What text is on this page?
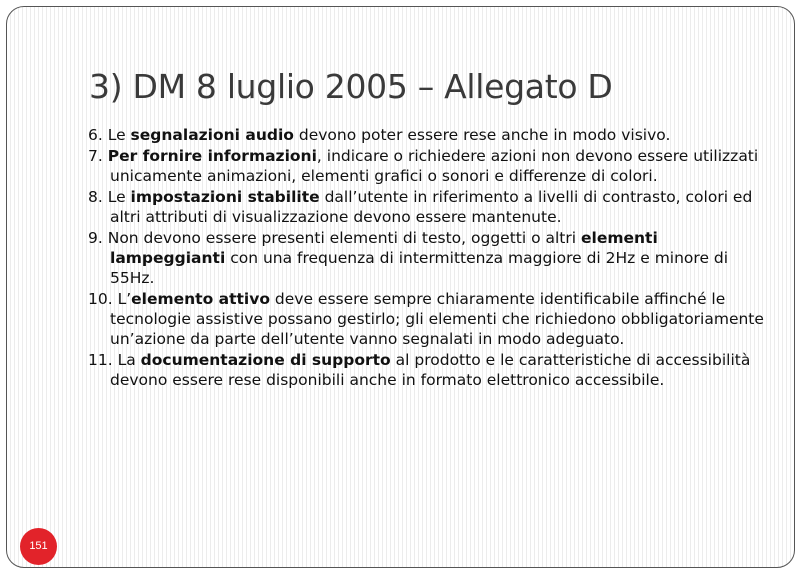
3) DM 8 luglio 2005 – Allegato D
6. Le segnalazioni audio devono poter essere rese anche in modo visivo.
7. Per fornire informazioni, indicare o richiedere azioni non devono essere utilizzati unicamente animazioni, elementi grafici o sonori e differenze di colori.
8. Le impostazioni stabilite dall’utente in riferimento a livelli di contrasto, colori ed altri attributi di visualizzazione devono essere mantenute.
9. Non devono essere presenti elementi di testo, oggetti o altri elementi lampeggianti con una frequenza di intermittenza maggiore di 2Hz e minore di 55Hz.
10. L’elemento attivo deve essere sempre chiaramente identificabile affinché le tecnologie assistive possano gestirlo; gli elementi che richiedono obbligatoriamente un’azione da parte dell’utente vanno segnalati in modo adeguato.
11. La documentazione di supporto al prodotto e le caratteristiche di accessibilità devono essere rese disponibili anche in formato elettronico accessibile.
151
